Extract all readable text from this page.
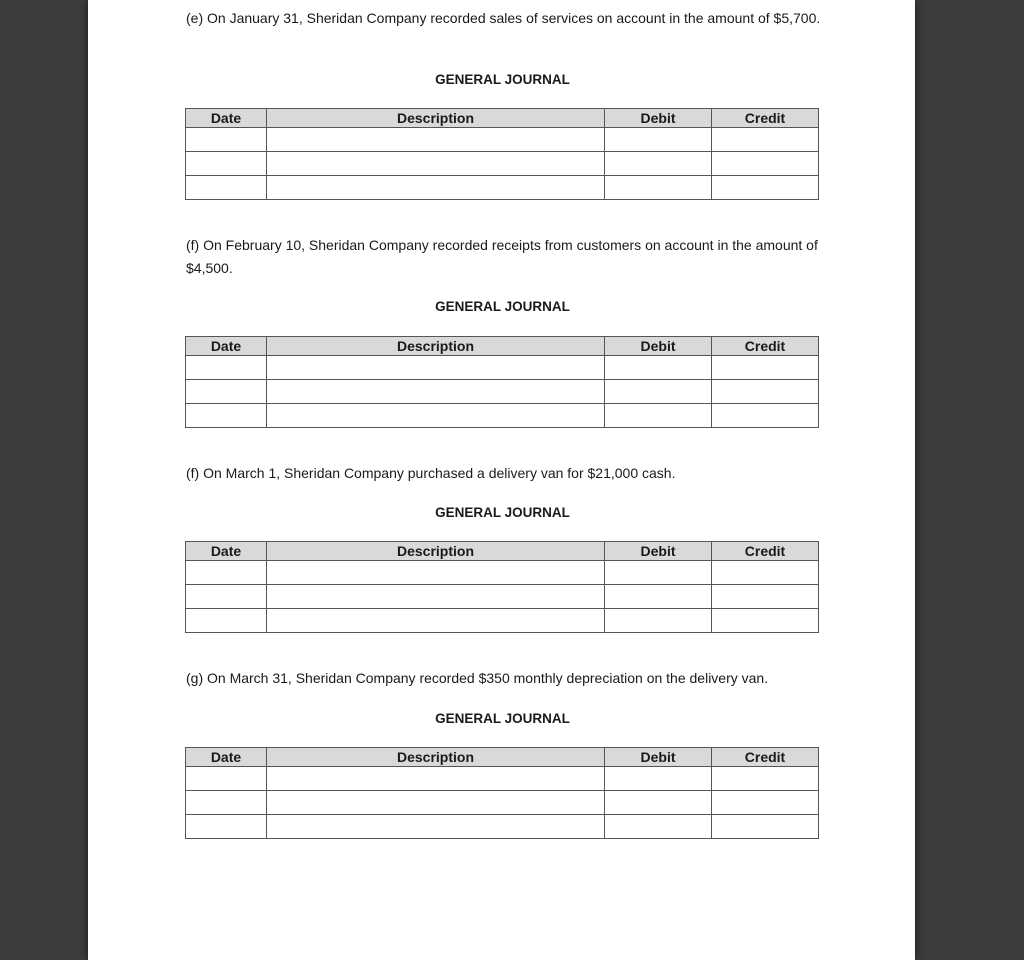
(e) On January 31, Sheridan Company recorded sales of services on account in the amount of $5,700.
GENERAL JOURNAL
Date	Description	Debit	Credit

(f) On February 10, Sheridan Company recorded receipts from customers on account in the amount of $4,500.
GENERAL JOURNAL
Date	Description	Debit	Credit

(f) On March 1, Sheridan Company purchased a delivery van for $21,000 cash.
GENERAL JOURNAL
Date	Description	Debit	Credit

(g) On March 31, Sheridan Company recorded $350 monthly depreciation on the delivery van.
GENERAL JOURNAL
Date	Description	Debit	Credit
